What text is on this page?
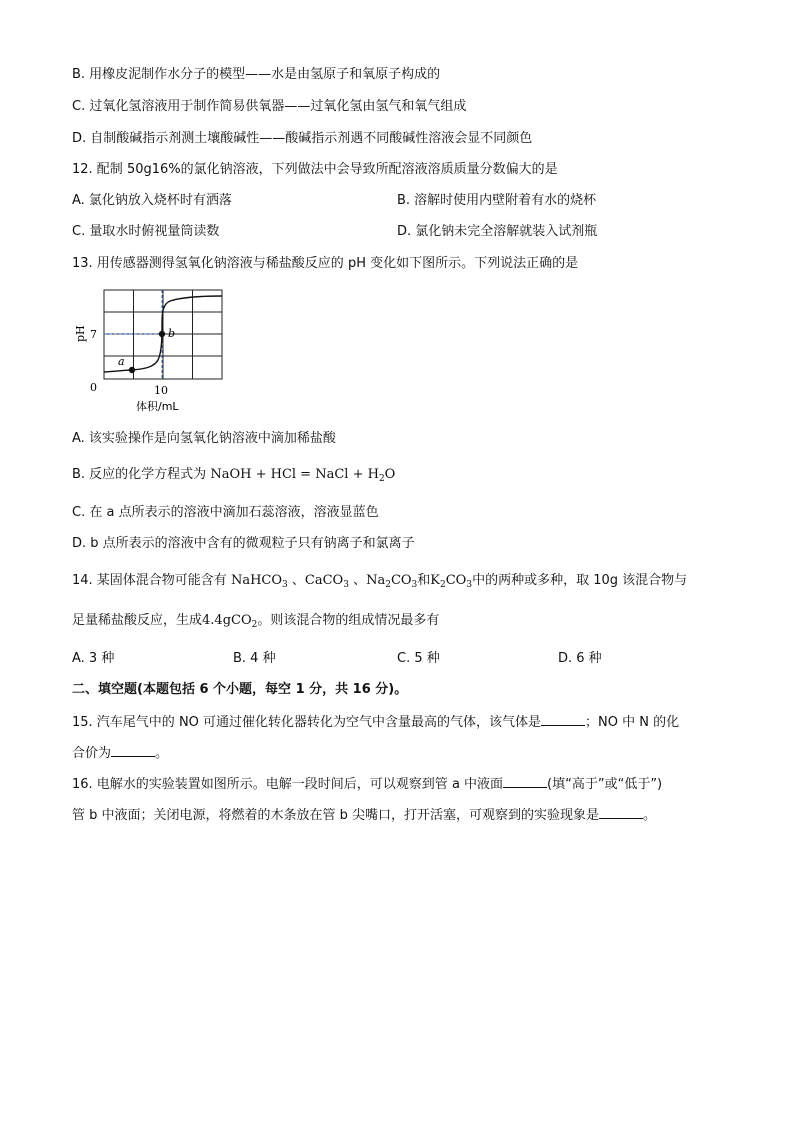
B. 用橡皮泥制作水分子的模型——水是由氢原子和氧原子构成的
C. 过氧化氢溶液用于制作简易供氧器——过氧化氢由氢气和氧气组成
D. 自制酸碱指示剂测土壤酸碱性——酸碱指示剂遇不同酸碱性溶液会显不同颜色
12. 配制 50g16%的氯化钠溶液，下列做法中会导致所配溶液溶质质量分数偏大的是
A. 氯化钠放入烧杯时有洒落	B. 溶解时使用内壁附着有水的烧杯
C. 量取水时俯视量筒读数	D. 氯化钠未完全溶解就装入试剂瓶
13. 用传感器测得氢氧化钠溶液与稀盐酸反应的 pH 变化如下图所示。下列说法正确的是
a
b
7
0	10
pH
体积/mL
A. 该实验操作是向氢氧化钠溶液中滴加稀盐酸
B. 反应的化学方程式为 NaOH + HCl = NaCl + $H_2O$
C. 在 a 点所表示的溶液中滴加石蕊溶液，溶液显蓝色
D. b 点所表示的溶液中含有的微观粒子只有钠离子和氯离子
14. 某固体混合物可能含有 NaHCO$_3$ 、CaCO$_3$ 、$Na_2CO_3$和$K_2CO_3$中的两种或多种，取 10g 该混合物与
足量稀盐酸反应，生成4.4gCO$_2$。则该混合物的组成情况最多有
A. 3 种	B. 4 种	C. 5 种	D. 6 种
二、填空题(本题包括 6 个小题，每空 1 分，共 16 分)。
15. 汽车尾气中的 NO 可通过催化转化器转化为空气中含量最高的气体，该气体是	；NO 中 N 的化
合价为	。
16. 电解水的实验装置如图所示。电解一段时间后，可以观察到管 a 中液面	(填“高于”或“低于”)
管 b 中液面；关闭电源，将燃着的木条放在管 b 尖嘴口，打开活塞，可观察到的实验现象是	。
